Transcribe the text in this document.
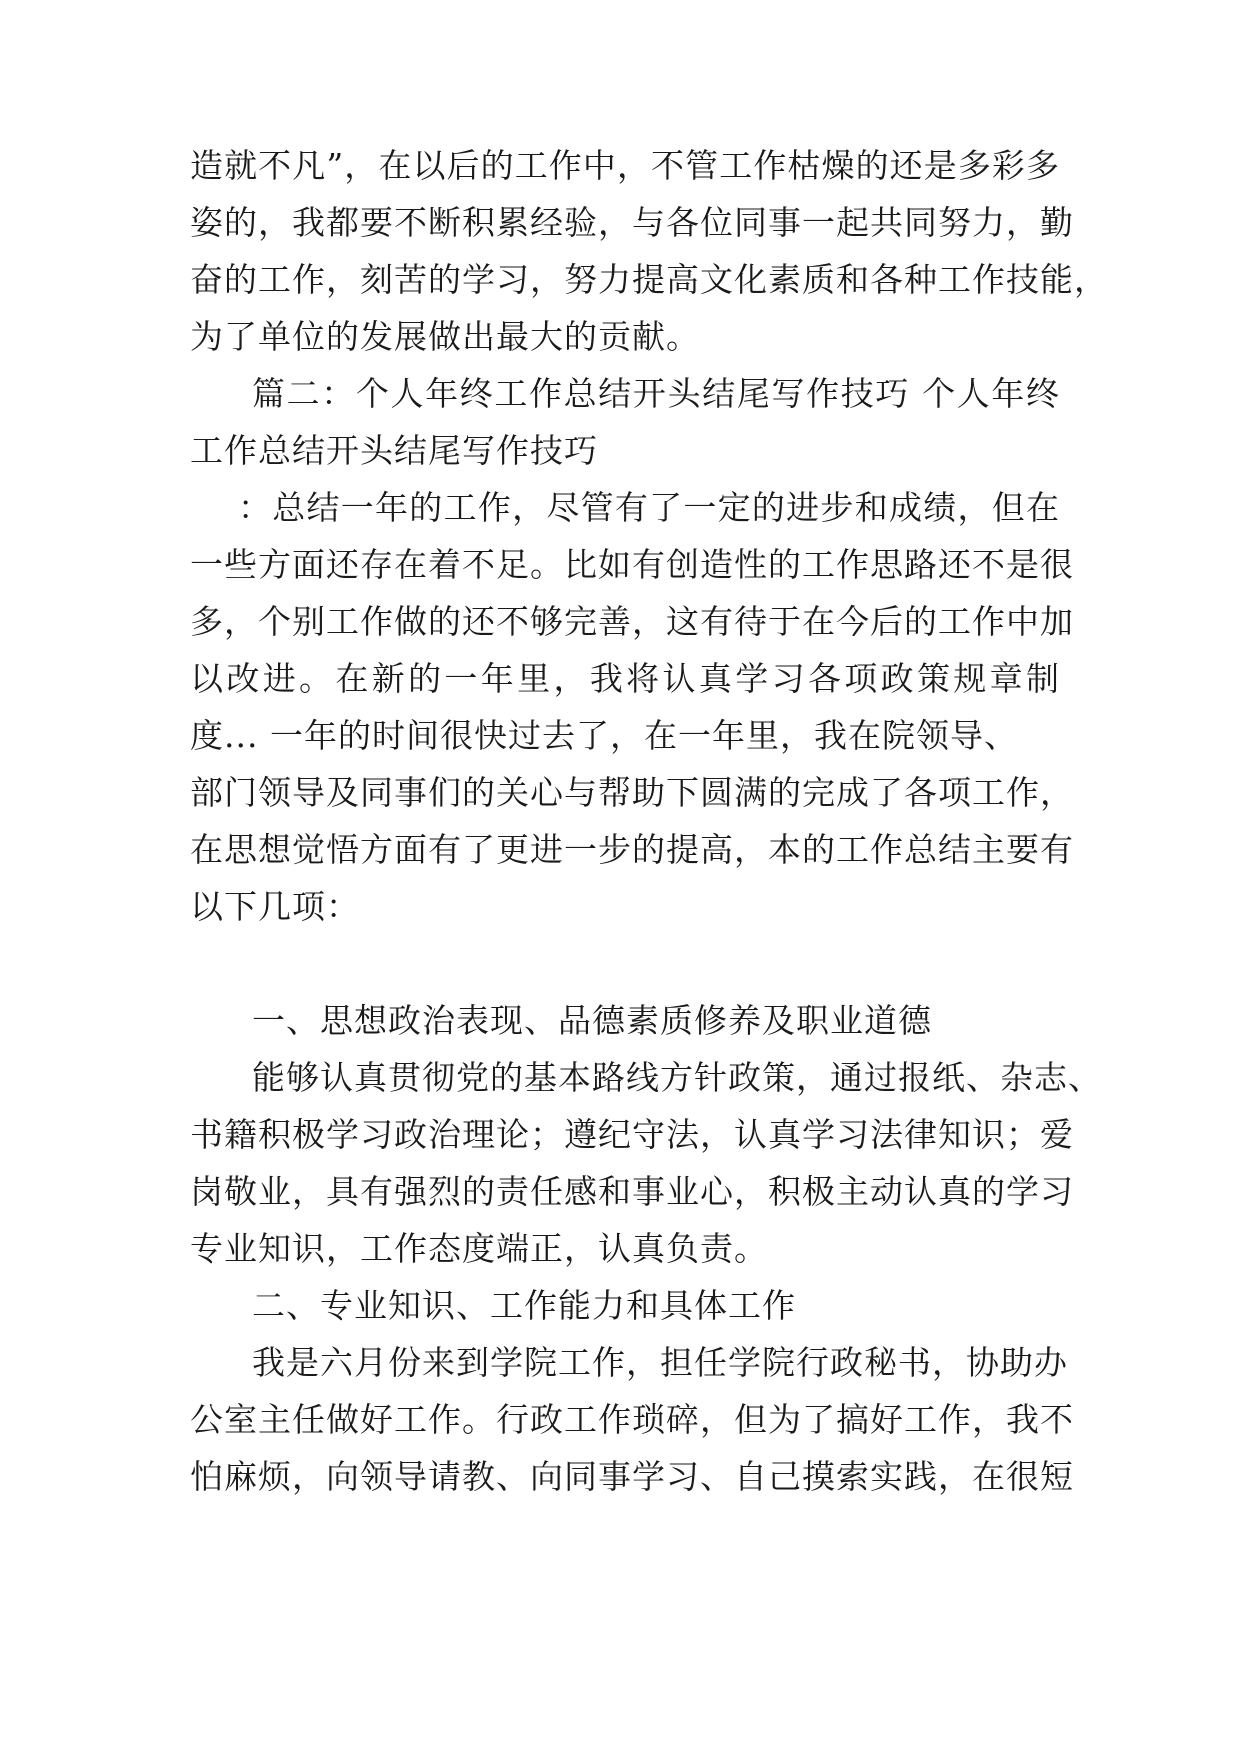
造就不凡”，在以后的工作中，不管工作枯燥的还是多彩多
姿的，我都要不断积累经验，与各位同事一起共同努力，勤
奋的工作，刻苦的学习，努力提高文化素质和各种工作技能，
为了单位的发展做出最大的贡献。
篇二：个人年终工作总结开头结尾写作技巧 个人年终
工作总结开头结尾写作技巧
：总结一年的工作，尽管有了一定的进步和成绩，但在
一些方面还存在着不足。比如有创造性的工作思路还不是很
多，个别工作做的还不够完善，这有待于在今后的工作中加
以改进。在新的一年里，我将认真学习各项政策规章制
度... 一年的时间很快过去了，在一年里，我在院领导、
部门领导及同事们的关心与帮助下圆满的完成了各项工作，
在思想觉悟方面有了更进一步的提高，本的工作总结主要有
以下几项：
一、思想政治表现、品德素质修养及职业道德
能够认真贯彻党的基本路线方针政策，通过报纸、杂志、
书籍积极学习政治理论；遵纪守法，认真学习法律知识；爱
岗敬业，具有强烈的责任感和事业心，积极主动认真的学习
专业知识，工作态度端正，认真负责。
二、专业知识、工作能力和具体工作
我是六月份来到学院工作，担任学院行政秘书，协助办
公室主任做好工作。行政工作琐碎，但为了搞好工作，我不
怕麻烦，向领导请教、向同事学习、自己摸索实践，在很短
